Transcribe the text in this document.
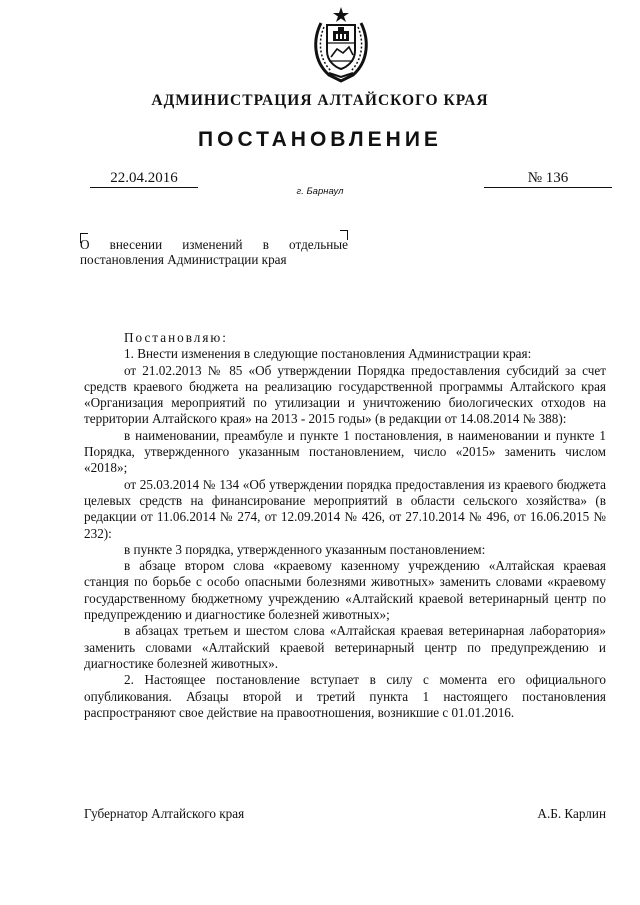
АДМИНИСТРАЦИЯ АЛТАЙСКОГО КРАЯ
ПОСТАНОВЛЕНИЕ
22.04.2016	№ 136
г. Барнаул
О внесении изменений в отдельные
постановления Администрации края

Постановляю:

1. Внести изменения в следующие постановления Администрации края:

от 21.02.2013 № 85 «Об утверждении Порядка предоставления субсидий за счет средств краевого бюджета на реализацию государственной программы Алтайского края «Организация мероприятий по утилизации и уничтожению биологических отходов на территории Алтайского края» на 2013 - 2015 годы» (в редакции от 14.08.2014 № 388):

в наименовании, преамбуле и пункте 1 постановления, в наименовании и пункте 1 Порядка, утвержденного указанным постановлением, число «2015» заменить числом «2018»;

от 25.03.2014 № 134 «Об утверждении порядка предоставления из краевого бюджета целевых средств на финансирование мероприятий в области сельского хозяйства» (в редакции от 11.06.2014 № 274, от 12.09.2014 № 426, от 27.10.2014 № 496, от 16.06.2015 № 232):

в пункте 3 порядка, утвержденного указанным постановлением:

в абзаце втором слова «краевому казенному учреждению «Алтайская краевая станция по борьбе с особо опасными болезнями животных» заменить словами «краевому государственному бюджетному учреждению «Алтайский краевой ветеринарный центр по предупреждению и диагностике болезней животных»;

в абзацах третьем и шестом слова «Алтайская краевая ветеринарная лаборатория» заменить словами «Алтайский краевой ветеринарный центр по предупреждению и диагностике болезней животных».

2. Настоящее постановление вступает в силу с момента его официального опубликования. Абзацы второй и третий пункта 1 настоящего постановления распространяют свое действие на правоотношения, возникшие с 01.01.2016.

Губернатор Алтайского края	А.Б. Карлин
